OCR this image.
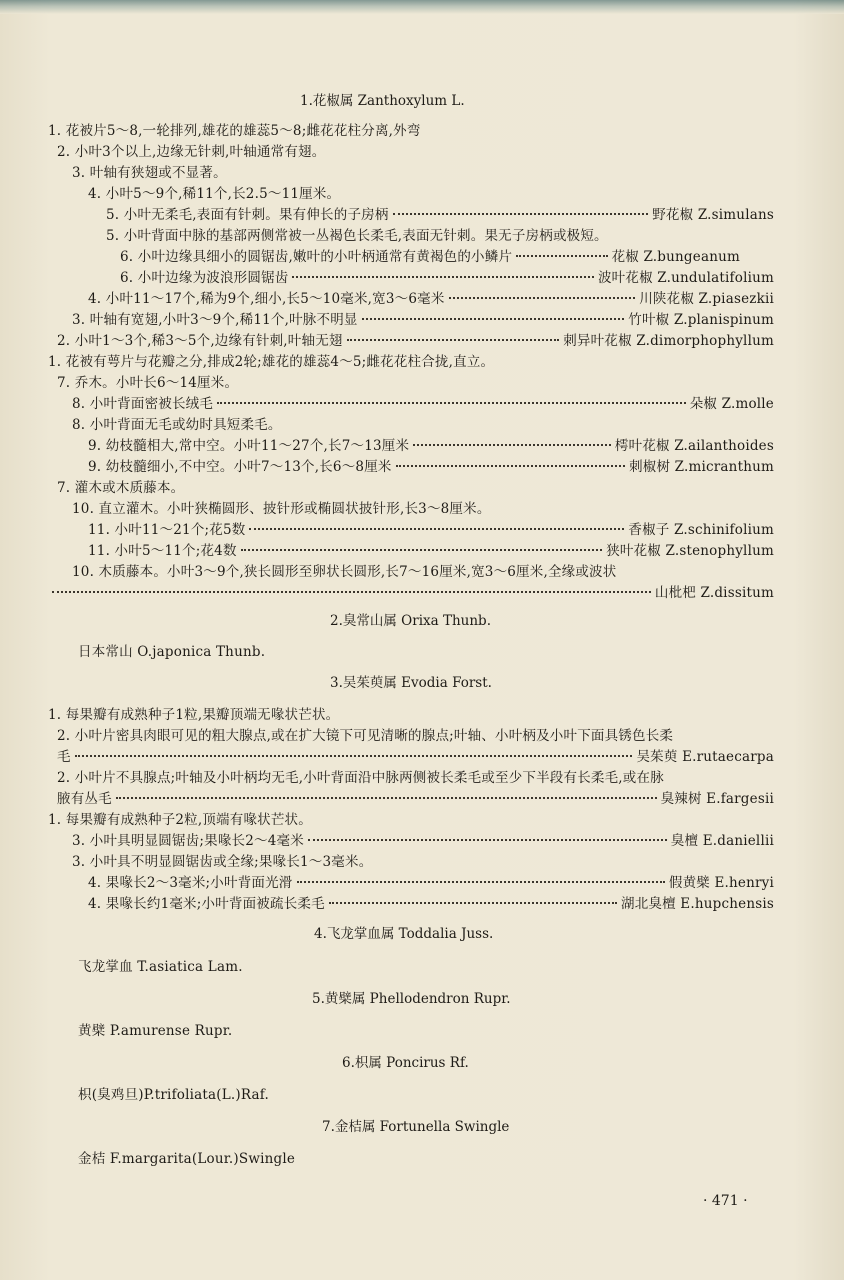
1.花椒属 Zanthoxylum L.
1. 花被片5～8,一轮排列,雄花的雄蕊5～8;雌花花柱分离,外弯
2. 小叶3个以上,边缘无针刺,叶轴通常有翅。
3. 叶轴有狭翅或不显著。
4. 小叶5～9个,稀11个,长2.5～11厘米。
5. 小叶无柔毛,表面有针刺。果有伸长的子房柄	野花椒 Z.simulans
5. 小叶背面中脉的基部两侧常被一丛褐色长柔毛,表面无针刺。果无子房柄或极短。
6. 小叶边缘具细小的圆锯齿,嫩叶的小叶柄通常有黄褐色的小鳞片	花椒 Z.bungeanum
6. 小叶边缘为波浪形圆锯齿	波叶花椒 Z.undulatifolium
4. 小叶11～17个,稀为9个,细小,长5～10毫米,宽3～6毫米	川陕花椒 Z.piasezkii
3. 叶轴有宽翅,小叶3～9个,稀11个,叶脉不明显	竹叶椒 Z.planispinum
2. 小叶1～3个,稀3～5个,边缘有针刺,叶轴无翅	刺异叶花椒 Z.dimorphophyllum
1. 花被有萼片与花瓣之分,排成2轮;雄花的雄蕊4～5;雌花花柱合拢,直立。
7. 乔木。小叶长6～14厘米。
8. 小叶背面密被长绒毛	朵椒 Z.molle
8. 小叶背面无毛或幼时具短柔毛。
9. 幼枝髓相大,常中空。小叶11～27个,长7～13厘米	樗叶花椒 Z.ailanthoides
9. 幼枝髓细小,不中空。小叶7～13个,长6～8厘米	刺椒树 Z.micranthum
7. 灌木或木质藤本。
10. 直立灌木。小叶狭椭圆形、披针形或椭圆状披针形,长3～8厘米。
11. 小叶11～21个;花5数	香椒子 Z.schinifolium
11. 小叶5～11个;花4数	狭叶花椒 Z.stenophyllum
10. 木质藤本。小叶3～9个,狭长圆形至卵状长圆形,长7～16厘米,宽3～6厘米,全缘或波状
山枇杷 Z.dissitum
2.臭常山属 Orixa Thunb.
日本常山 O.japonica Thunb.
3.吴茱萸属 Evodia Forst.
1. 每果瓣有成熟种子1粒,果瓣顶端无喙状芒状。
2. 小叶片密具肉眼可见的粗大腺点,或在扩大镜下可见清晰的腺点;叶轴、小叶柄及小叶下面具锈色长柔
毛	吴茱萸 E.rutaecarpa
2. 小叶片不具腺点;叶轴及小叶柄均无毛,小叶背面沿中脉两侧被长柔毛或至少下半段有长柔毛,或在脉
腋有丛毛	臭辣树 E.fargesii
1. 每果瓣有成熟种子2粒,顶端有喙状芒状。
3. 小叶具明显圆锯齿;果喙长2～4毫米	臭檀 E.daniellii
3. 小叶具不明显圆锯齿或全缘;果喙长1～3毫米。
4. 果喙长2～3毫米;小叶背面光滑	假黄檗 E.henryi
4. 果喙长约1毫米;小叶背面被疏长柔毛	湖北臭檀 E.hupchensis
4.飞龙掌血属 Toddalia Juss.
飞龙掌血 T.asiatica Lam.
5.黄檗属 Phellodendron Rupr.
黄檗 P.amurense Rupr.
6.枳属 Poncirus Rf.
枳(臭鸡旦)P.trifoliata(L.)Raf.
7.金桔属 Fortunella Swingle
金桔 F.margarita(Lour.)Swingle
· 471 ·
